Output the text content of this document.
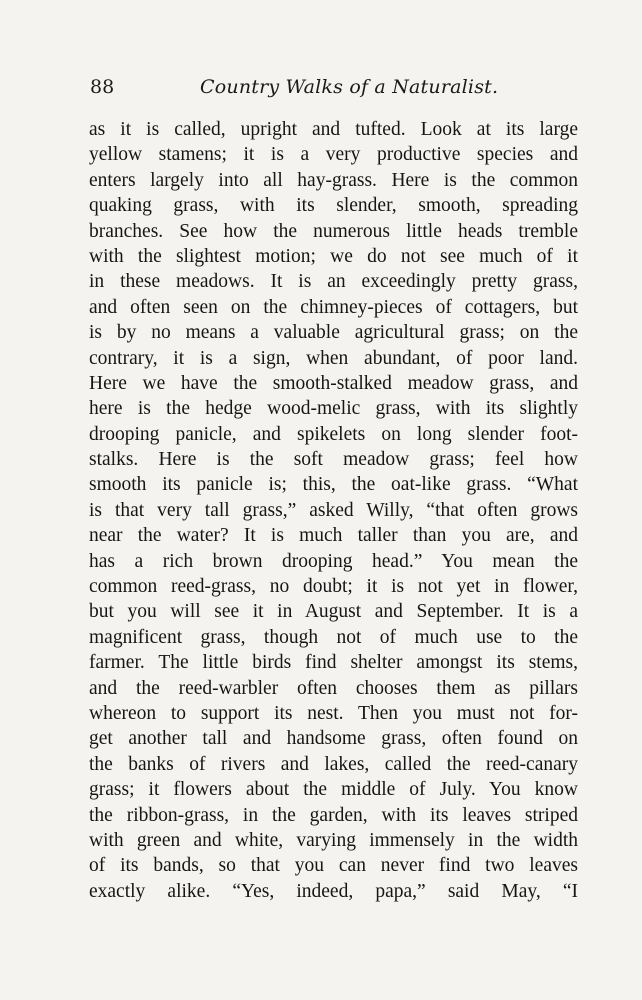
88	Country Walks of a Naturalist.
as it is called, upright and tufted. Look at its large
yellow stamens; it is a very productive species and
enters largely into all hay-grass. Here is the common
quaking grass, with its slender, smooth, spreading
branches. See how the numerous little heads tremble
with the slightest motion; we do not see much of it
in these meadows. It is an exceedingly pretty grass,
and often seen on the chimney-pieces of cottagers, but
is by no means a valuable agricultural grass; on the
contrary, it is a sign, when abundant, of poor land.
Here we have the smooth-stalked meadow grass, and
here is the hedge wood-melic grass, with its slightly
drooping panicle, and spikelets on long slender foot-
stalks. Here is the soft meadow grass; feel how
smooth its panicle is; this, the oat-like grass. “What
is that very tall grass,” asked Willy, “that often grows
near the water? It is much taller than you are, and
has a rich brown drooping head.” You mean the
common reed-grass, no doubt; it is not yet in flower,
but you will see it in August and September. It is a
magnificent grass, though not of much use to the
farmer. The little birds find shelter amongst its stems,
and the reed-warbler often chooses them as pillars
whereon to support its nest. Then you must not for-
get another tall and handsome grass, often found on
the banks of rivers and lakes, called the reed-canary
grass; it flowers about the middle of July. You know
the ribbon-grass, in the garden, with its leaves striped
with green and white, varying immensely in the width
of its bands, so that you can never find two leaves
exactly alike. “Yes, indeed, papa,” said May, “I
